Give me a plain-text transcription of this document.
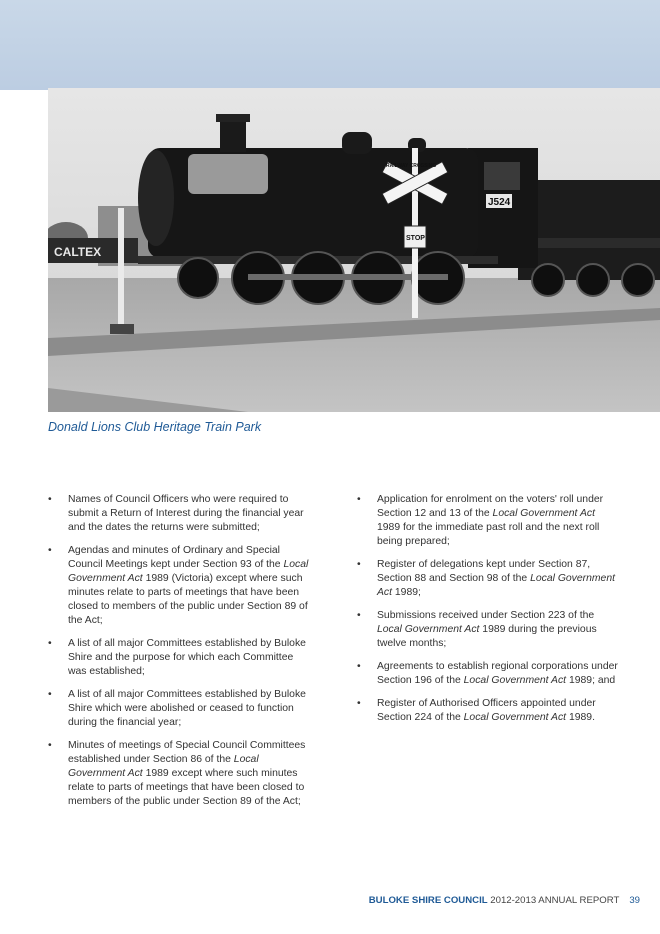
CALTEX
J524
RAILWAY CROSSING
STOP
Donald Lions Club Heritage Train Park
• Names of Council Officers who were required to submit a Return of Interest during the financial year and the dates the returns were submitted;
• Agendas and minutes of Ordinary and Special Council Meetings kept under Section 93 of the Local Government Act 1989 (Victoria) except where such minutes relate to parts of meetings that have been closed to members of the public under Section 89 of the Act;
• A list of all major Committees established by Buloke Shire and the purpose for which each Committee was established;
• A list of all major Committees established by Buloke Shire which were abolished or ceased to function during the financial year;
• Minutes of meetings of Special Council Committees established under Section 86 of the Local Government Act 1989 except where such minutes relate to parts of meetings that have been closed to members of the public under Section 89 of the Act;
• Application for enrolment on the voters' roll under Section 12 and 13 of the Local Government Act 1989 for the immediate past roll and the next roll being prepared;
• Register of delegations kept under Section 87, Section 88 and Section 98 of the Local Government Act 1989;
• Submissions received under Section 223 of the Local Government Act 1989 during the previous twelve months;
• Agreements to establish regional corporations under Section 196 of the Local Government Act 1989; and
• Register of Authorised Officers appointed under Section 224 of the Local Government Act 1989.
BULOKE SHIRE COUNCIL 2012-2013 ANNUAL REPORT 39
